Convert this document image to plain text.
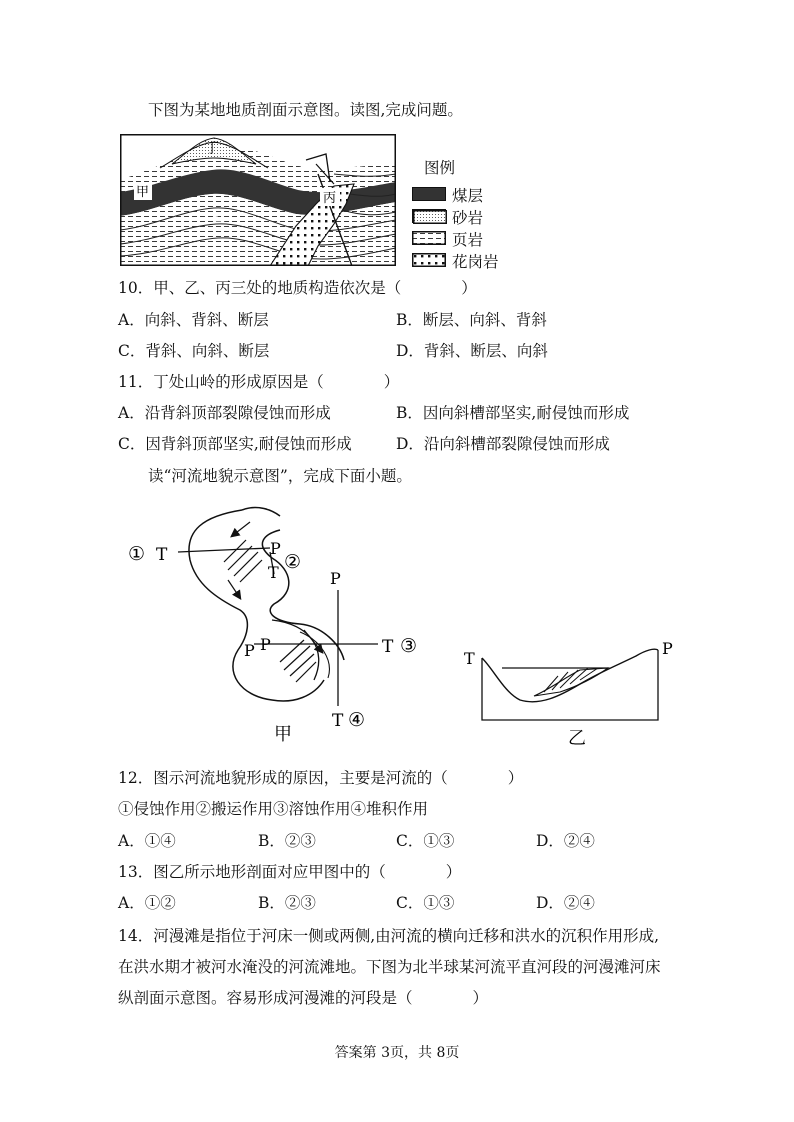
下图为某地地质剖面示意图。读图,完成问题。
丁
甲
乙
丙
图例
煤层
砂岩
页岩
花岗岩
10．甲、乙、丙三处的地质构造依次是（	）
A．向斜、背斜、断层	B．断层、向斜、背斜
C．背斜、向斜、断层	D．背斜、断层、向斜
11．丁处山岭的形成原因是（	）
A．沿背斜顶部裂隙侵蚀而形成	B．因向斜槽部坚实,耐侵蚀而形成
C．因背斜顶部坚实,耐侵蚀而形成	D．沿向斜槽部裂隙侵蚀而形成
读“河流地貌示意图”，完成下面小题。
① T	P
②
T	P
P
P	T ③
T ④
甲
T
P
乙
12．图示河流地貌形成的原因，主要是河流的（	）
①侵蚀作用②搬运作用③溶蚀作用④堆积作用
A．①④	B．②③	C．①③	D．②④
13．图乙所示地形剖面对应甲图中的（	）
A．①②	B．②③	C．①③	D．②④
14．河漫滩是指位于河床一侧或两侧,由河流的横向迁移和洪水的沉积作用形成,
在洪水期才被河水淹没的河流滩地。下图为北半球某河流平直河段的河漫滩河床
纵剖面示意图。容易形成河漫滩的河段是（	）
答案第 3页，共 8页
